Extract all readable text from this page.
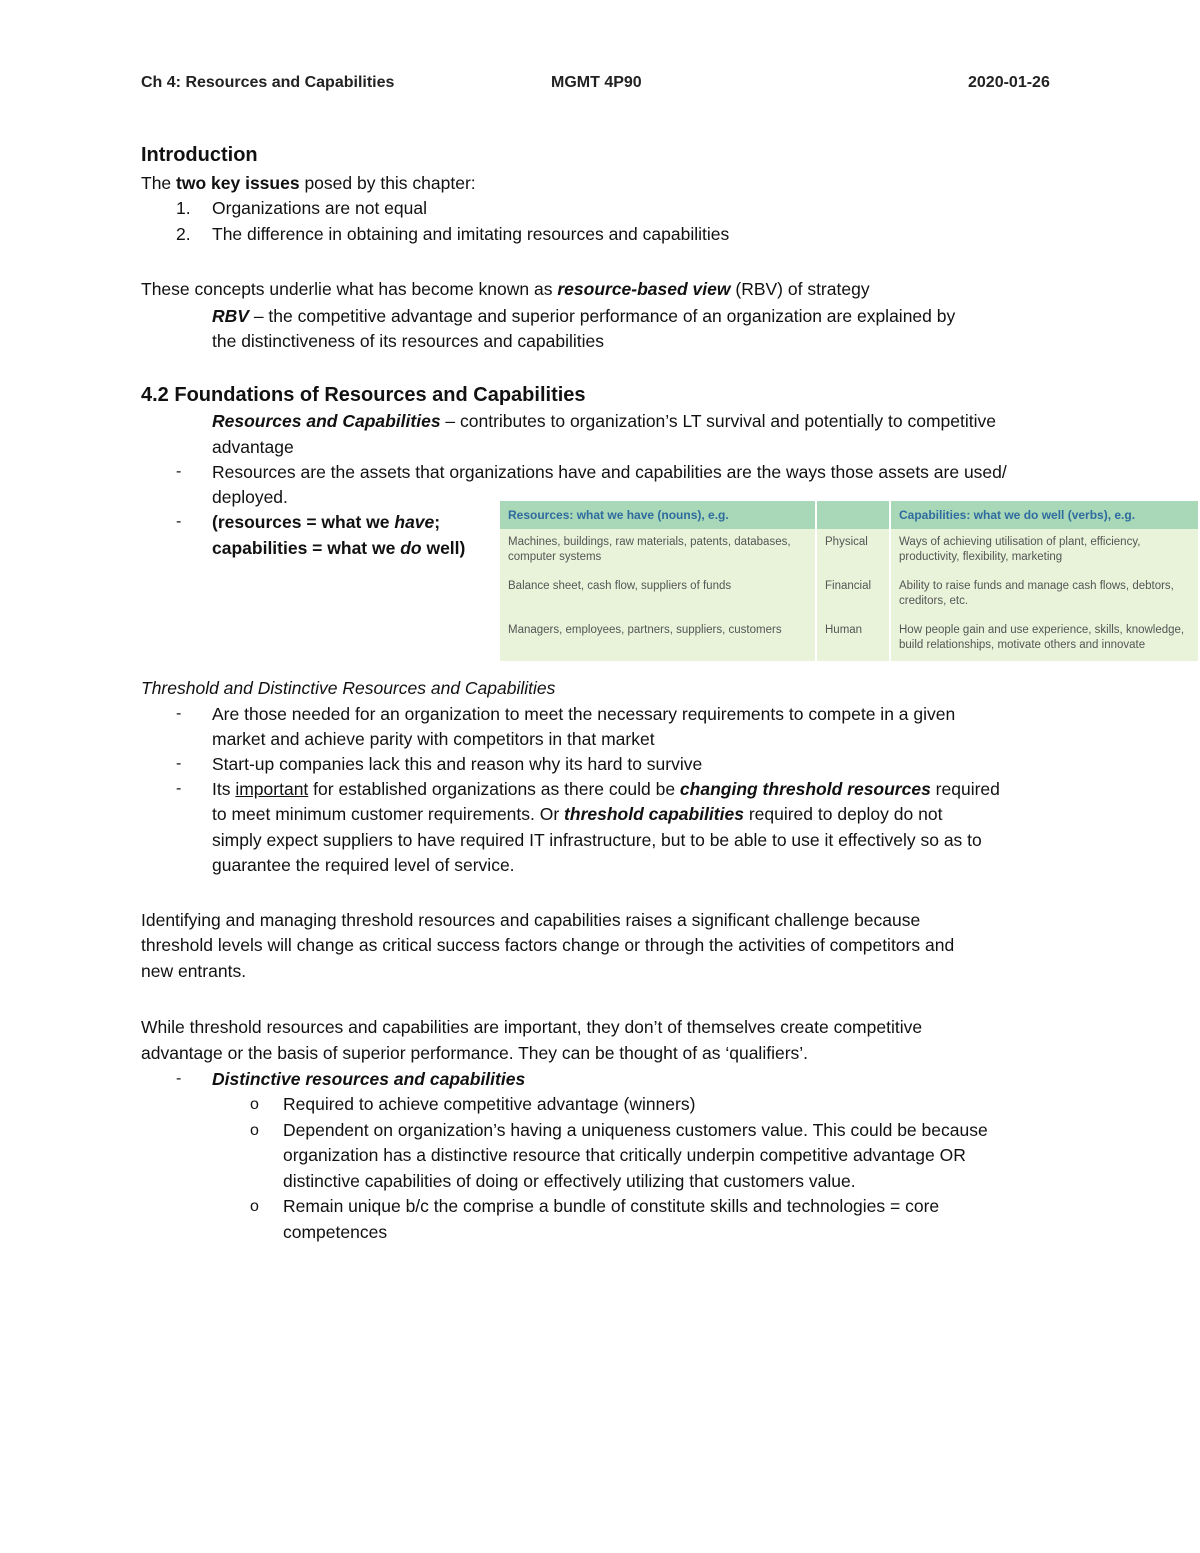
Ch 4: Resources and Capabilities	MGMT 4P90	2020-01-26
Introduction
The two key issues posed by this chapter:
1. Organizations are not equal
2. The difference in obtaining and imitating resources and capabilities
These concepts underlie what has become known as resource-based view (RBV) of strategy
RBV – the competitive advantage and superior performance of an organization are explained by
the distinctiveness of its resources and capabilities
4.2 Foundations of Resources and Capabilities
Resources and Capabilities – contributes to organization’s LT survival and potentially to competitive
advantage
- Resources are the assets that organizations have and capabilities are the ways those assets are used/
deployed.
- (resources = what we have;
capabilities = what we do well)
Resources: what we have (nouns), e.g.		Capabilities: what we do well (verbs), e.g.
Machines, buildings, raw materials, patents, databases, computer systems	Physical	Ways of achieving utilisation of plant, efficiency, productivity, flexibility, marketing
Balance sheet, cash flow, suppliers of funds	Financial	Ability to raise funds and manage cash flows, debtors, creditors, etc.
Managers, employees, partners, suppliers, customers	Human	How people gain and use experience, skills, knowledge, build relationships, motivate others and innovate
Threshold and Distinctive Resources and Capabilities
- Are those needed for an organization to meet the necessary requirements to compete in a given
market and achieve parity with competitors in that market
- Start-up companies lack this and reason why its hard to survive
- Its important for established organizations as there could be changing threshold resources required
to meet minimum customer requirements. Or threshold capabilities required to deploy do not
simply expect suppliers to have required IT infrastructure, but to be able to use it effectively so as to
guarantee the required level of service.
Identifying and managing threshold resources and capabilities raises a significant challenge because
threshold levels will change as critical success factors change or through the activities of competitors and
new entrants.
While threshold resources and capabilities are important, they don’t of themselves create competitive
advantage or the basis of superior performance. They can be thought of as ‘qualifiers’.
- Distinctive resources and capabilities
o Required to achieve competitive advantage (winners)
o Dependent on organization’s having a uniqueness customers value. This could be because
organization has a distinctive resource that critically underpin competitive advantage OR
distinctive capabilities of doing or effectively utilizing that customers value.
o Remain unique b/c the comprise a bundle of constitute skills and technologies = core
competences
